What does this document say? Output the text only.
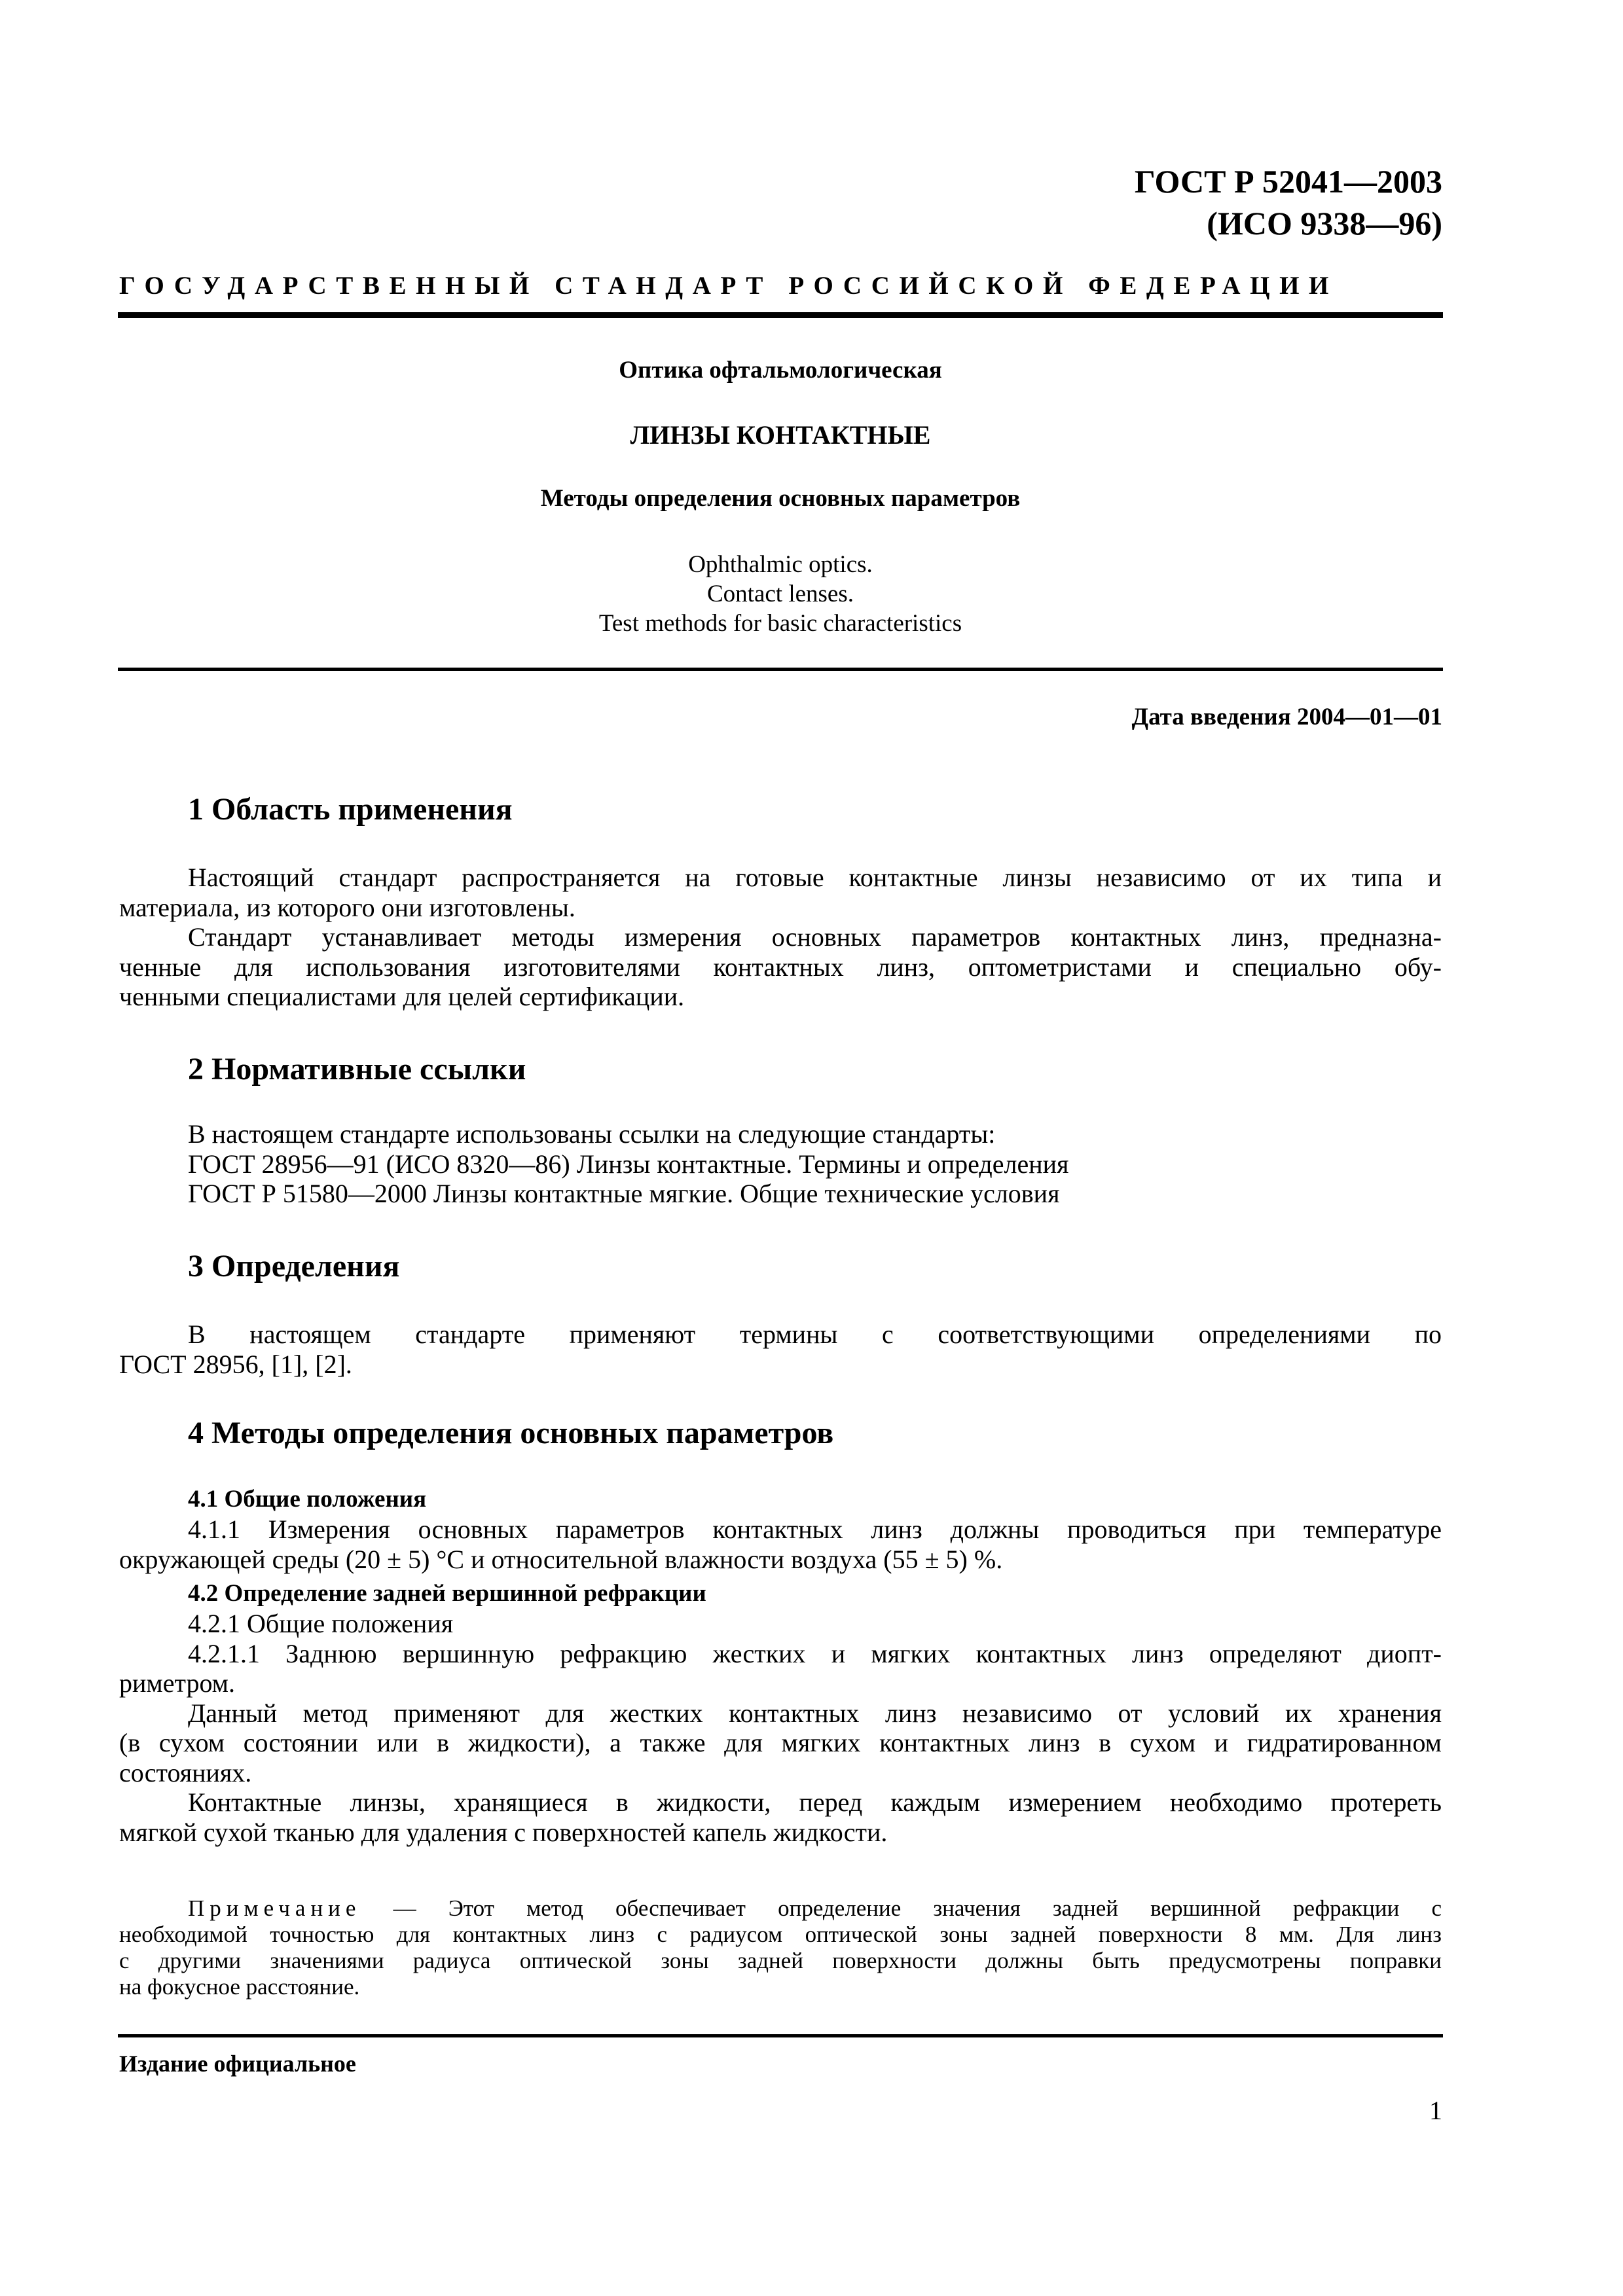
ГОСТ Р 52041—2003
(ИСО 9338—96)
ГОСУДАРСТВЕННЫЙ СТАНДАРТ РОССИЙСКОЙ ФЕДЕРАЦИИ
Оптика офтальмологическая
ЛИНЗЫ КОНТАКТНЫЕ
Методы определения основных параметров
Ophthalmic optics.
Contact lenses.
Test methods for basic characteristics
Дата введения 2004—01—01
1 Область применения

Настоящий стандарт распространяется на готовые контактные линзы независимо от их типа и

материала, из которого они изготовлены.

Стандарт устанавливает методы измерения основных параметров контактных линз, предназна-

ченные для использования изготовителями контактных линз, оптометристами и специально обу-

ченными специалистами для целей сертификации.

2 Нормативные ссылки

В настоящем стандарте использованы ссылки на следующие стандарты:

ГОСТ 28956—91 (ИСО 8320—86) Линзы контактные. Термины и определения

ГОСТ Р 51580—2000 Линзы контактные мягкие. Общие технические условия

3 Определения

В настоящем стандарте применяют термины с соответствующими определениями по

ГОСТ 28956, [1], [2].

4 Методы определения основных параметров
4.1 Общие положения

4.1.1 Измерения основных параметров контактных линз должны проводиться при температуре

окружающей среды (20 ± 5) °С и относительной влажности воздуха (55 ± 5) %.

4.2 Определение задней вершинной рефракции

4.2.1 Общие положения

4.2.1.1 Заднюю вершинную рефракцию жестких и мягких контактных линз определяют диопт-

риметром.

Данный метод применяют для жестких контактных линз независимо от условий их хранения

(в сухом состоянии или в жидкости), а также для мягких контактных линз в сухом и гидратированном

состояниях.

Контактные линзы, хранящиеся в жидкости, перед каждым измерением необходимо протереть

мягкой сухой тканью для удаления с поверхностей капель жидкости.

Примечание — Этот метод обеспечивает определение значения задней вершинной рефракции с

необходимой точностью для контактных линз с радиусом оптической зоны задней поверхности 8 мм. Для линз

с другими значениями радиуса оптической зоны задней поверхности должны быть предусмотрены поправки

на фокусное расстояние.

Издание официальное
1
